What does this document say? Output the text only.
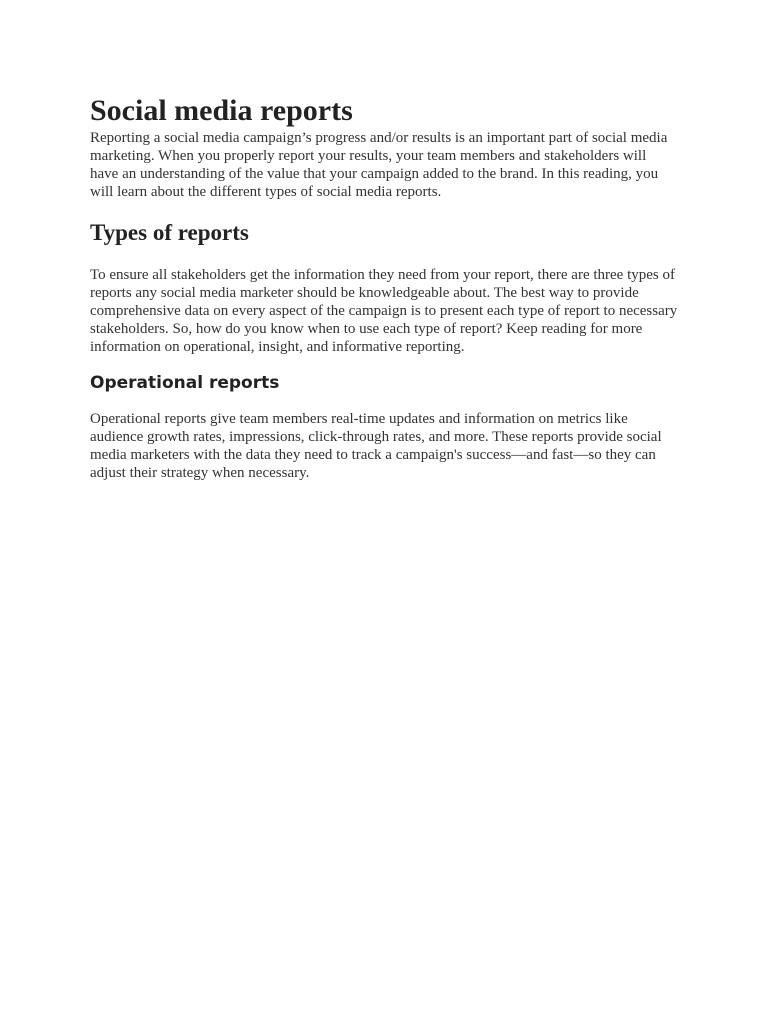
Social media reports

Reporting a social media campaign’s progress and/or results is an important part of social media marketing. When you properly report your results, your team members and stakeholders will have an understanding of the value that your campaign added to the brand. In this reading, you will learn about the different types of social media reports.

Types of reports

To ensure all stakeholders get the information they need from your report, there are three types of reports any social media marketer should be knowledgeable about. The best way to provide comprehensive data on every aspect of the campaign is to present each type of report to necessary stakeholders. So, how do you know when to use each type of report? Keep reading for more information on operational, insight, and informative reporting.

Operational reports

Operational reports give team members real-time updates and information on metrics like audience growth rates, impressions, click-through rates, and more. These reports provide social media marketers with the data they need to track a campaign's success—and fast—so they can adjust their strategy when necessary.
